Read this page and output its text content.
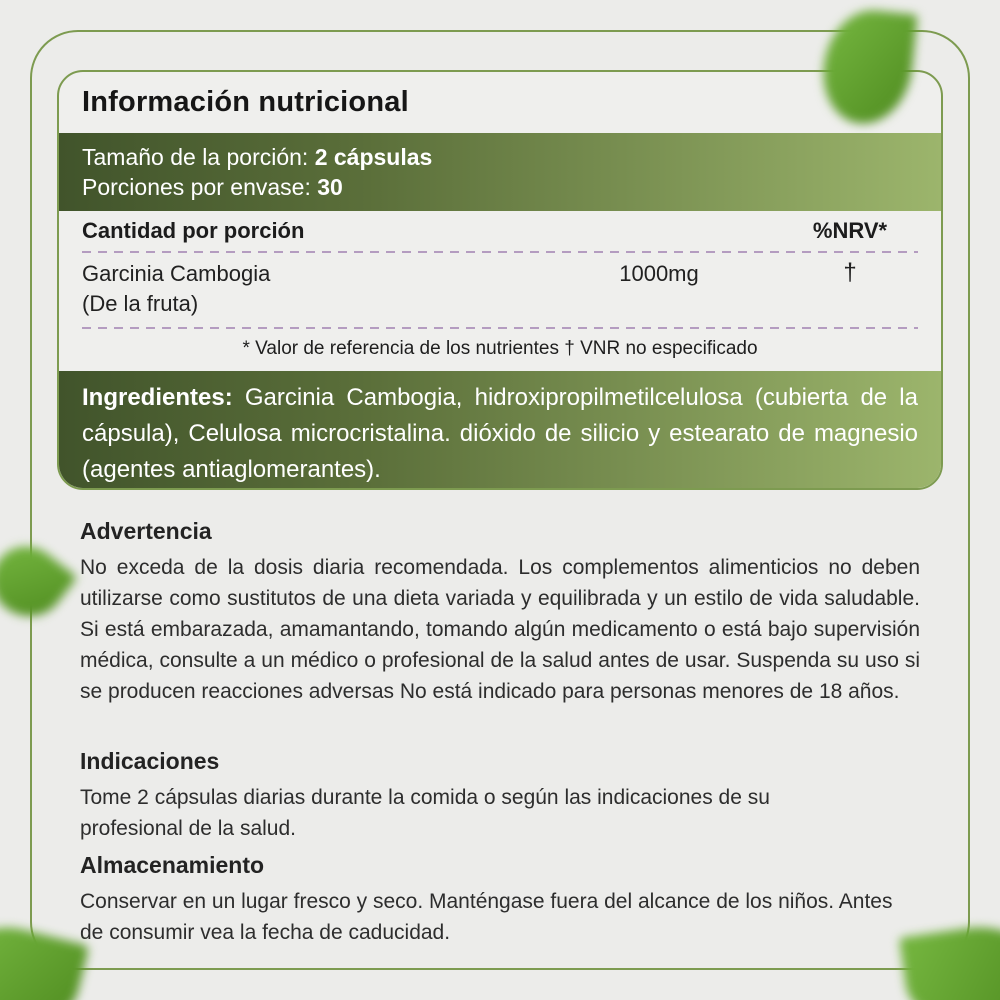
Información nutricional
Tamaño de la porción: 2 cápsulas
Porciones por envase: 30
Cantidad por porción	%NRV*
Garcinia Cambogia
(De la fruta)
1000mg	†
* Valor de referencia de los nutrientes † VNR no especificado
Ingredientes: Garcinia Cambogia, hidroxipropilmetilcelulosa (cubierta de la cápsula), Celulosa microcristalina. dióxido de silicio y estearato de magnesio (agentes antiaglomerantes).
Advertencia

No exceda de la dosis diaria recomendada. Los complementos alimenticios no deben utilizarse como sustitutos de una dieta variada y equilibrada y un estilo de vida saludable. Si está embarazada, amamantando, tomando algún medicamento o está bajo supervisión médica, consulte a un médico o profesional de la salud antes de usar. Suspenda su uso si se producen reacciones adversas No está indicado para personas menores de 18 años.

Indicaciones

Tome 2 cápsulas diarias durante la comida o según las indicaciones de su profesional de la salud.

Almacenamiento

Conservar en un lugar fresco y seco. Manténgase fuera del alcance de los niños. Antes de consumir vea la fecha de caducidad.
